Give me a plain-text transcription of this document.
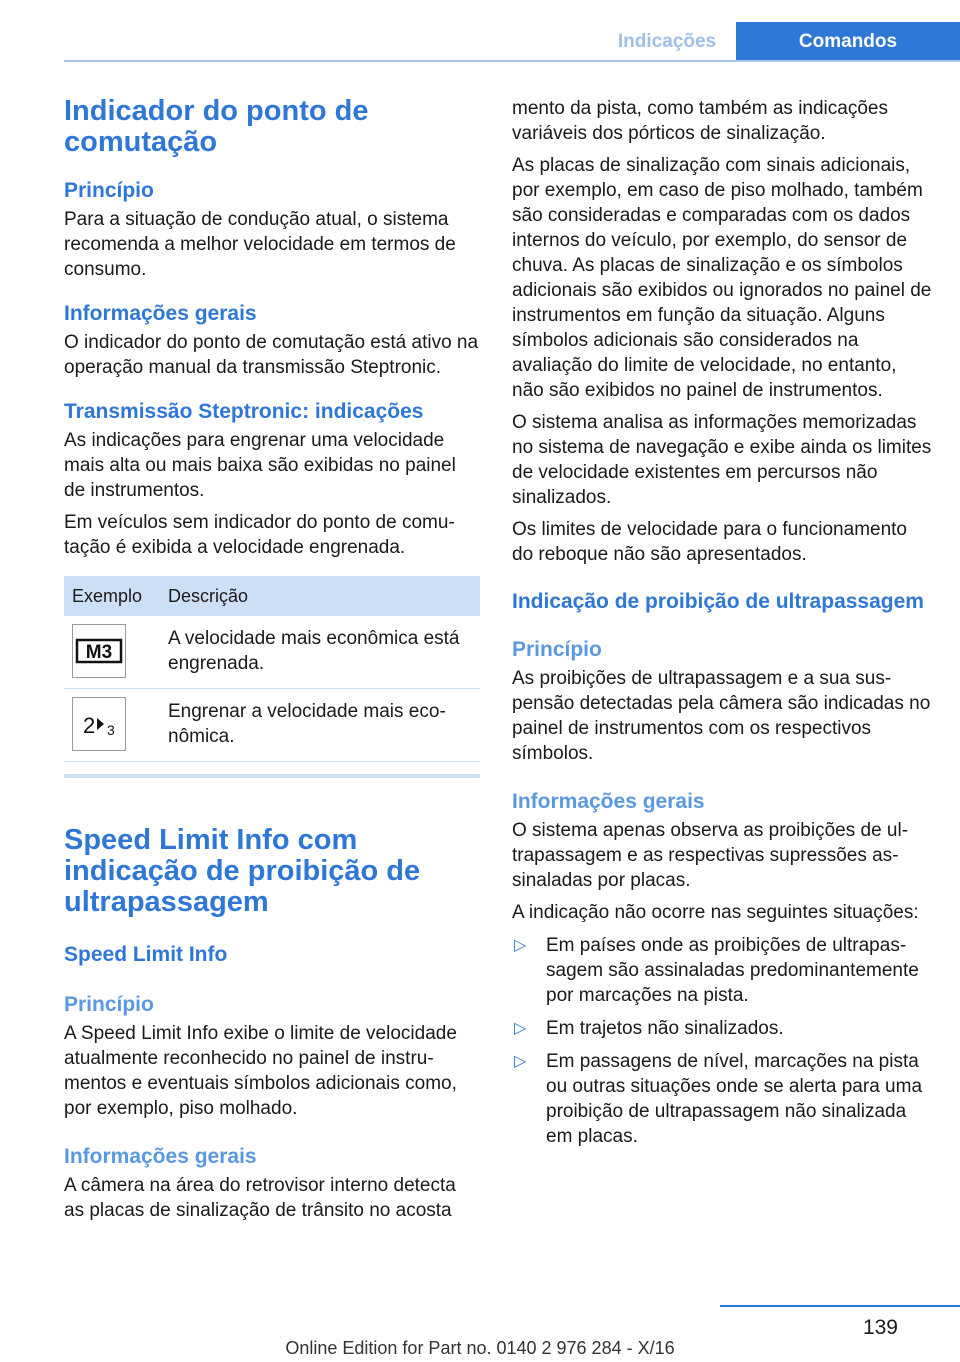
Indicações	Comandos
Indicador do ponto de comutação
Princípio

Para a situação de condução atual, o sistema recomenda a melhor velocidade em termos de consumo.

Informações gerais

O indicador do ponto de comutação está ativo na operação manual da transmissão Steptronic.

Transmissão Steptronic: indicações

As indicações para engrenar uma velocidade mais alta ou mais baixa são exibidas no painel de instrumentos.

Em veículos sem indicador do ponto de comutação é exibida a velocidade engrenada.

Exemplo	Descrição

M3	A velocidade mais econômica está engrenada.

2 3	Engrenar a velocidade mais econômica.
Speed Limit Info com indicação de proibição de ultrapassagem
Speed Limit Info
Princípio

A Speed Limit Info exibe o limite de velocidade atualmente reconhecido no painel de instrumentos e eventuais símbolos adicionais como, por exemplo, piso molhado.

Informações gerais

A câmera na área do retrovisor interno detecta as placas de sinalização de trânsito no acosta

mento da pista, como também as indicações variáveis dos pórticos de sinalização.

As placas de sinalização com sinais adicionais, por exemplo, em caso de piso molhado, também são consideradas e comparadas com os dados internos do veículo, por exemplo, do sensor de chuva. As placas de sinalização e os símbolos adicionais são exibidos ou ignorados no painel de instrumentos em função da situação. Alguns símbolos adicionais são considerados na avaliação do limite de velocidade, no entanto, não são exibidos no painel de instrumentos.

O sistema analisa as informações memorizadas no sistema de navegação e exibe ainda os limites de velocidade existentes em percursos não sinalizados.

Os limites de velocidade para o funcionamento do reboque não são apresentados.

Indicação de proibição de ultrapassagem
Princípio

As proibições de ultrapassagem e a sua suspensão detectadas pela câmera são indicadas no painel de instrumentos com os respectivos símbolos.

Informações gerais

O sistema apenas observa as proibições de ultrapassagem e as respectivas supressões assinaladas por placas.

A indicação não ocorre nas seguintes situações:

▷ Em países onde as proibições de ultrapassagem são assinaladas predominantemente por marcações na pista.
▷ Em trajetos não sinalizados.
▷ Em passagens de nível, marcações na pista ou outras situações onde se alerta para uma proibição de ultrapassagem não sinalizada em placas.
139
Online Edition for Part no. 0140 2 976 284 - X/16
